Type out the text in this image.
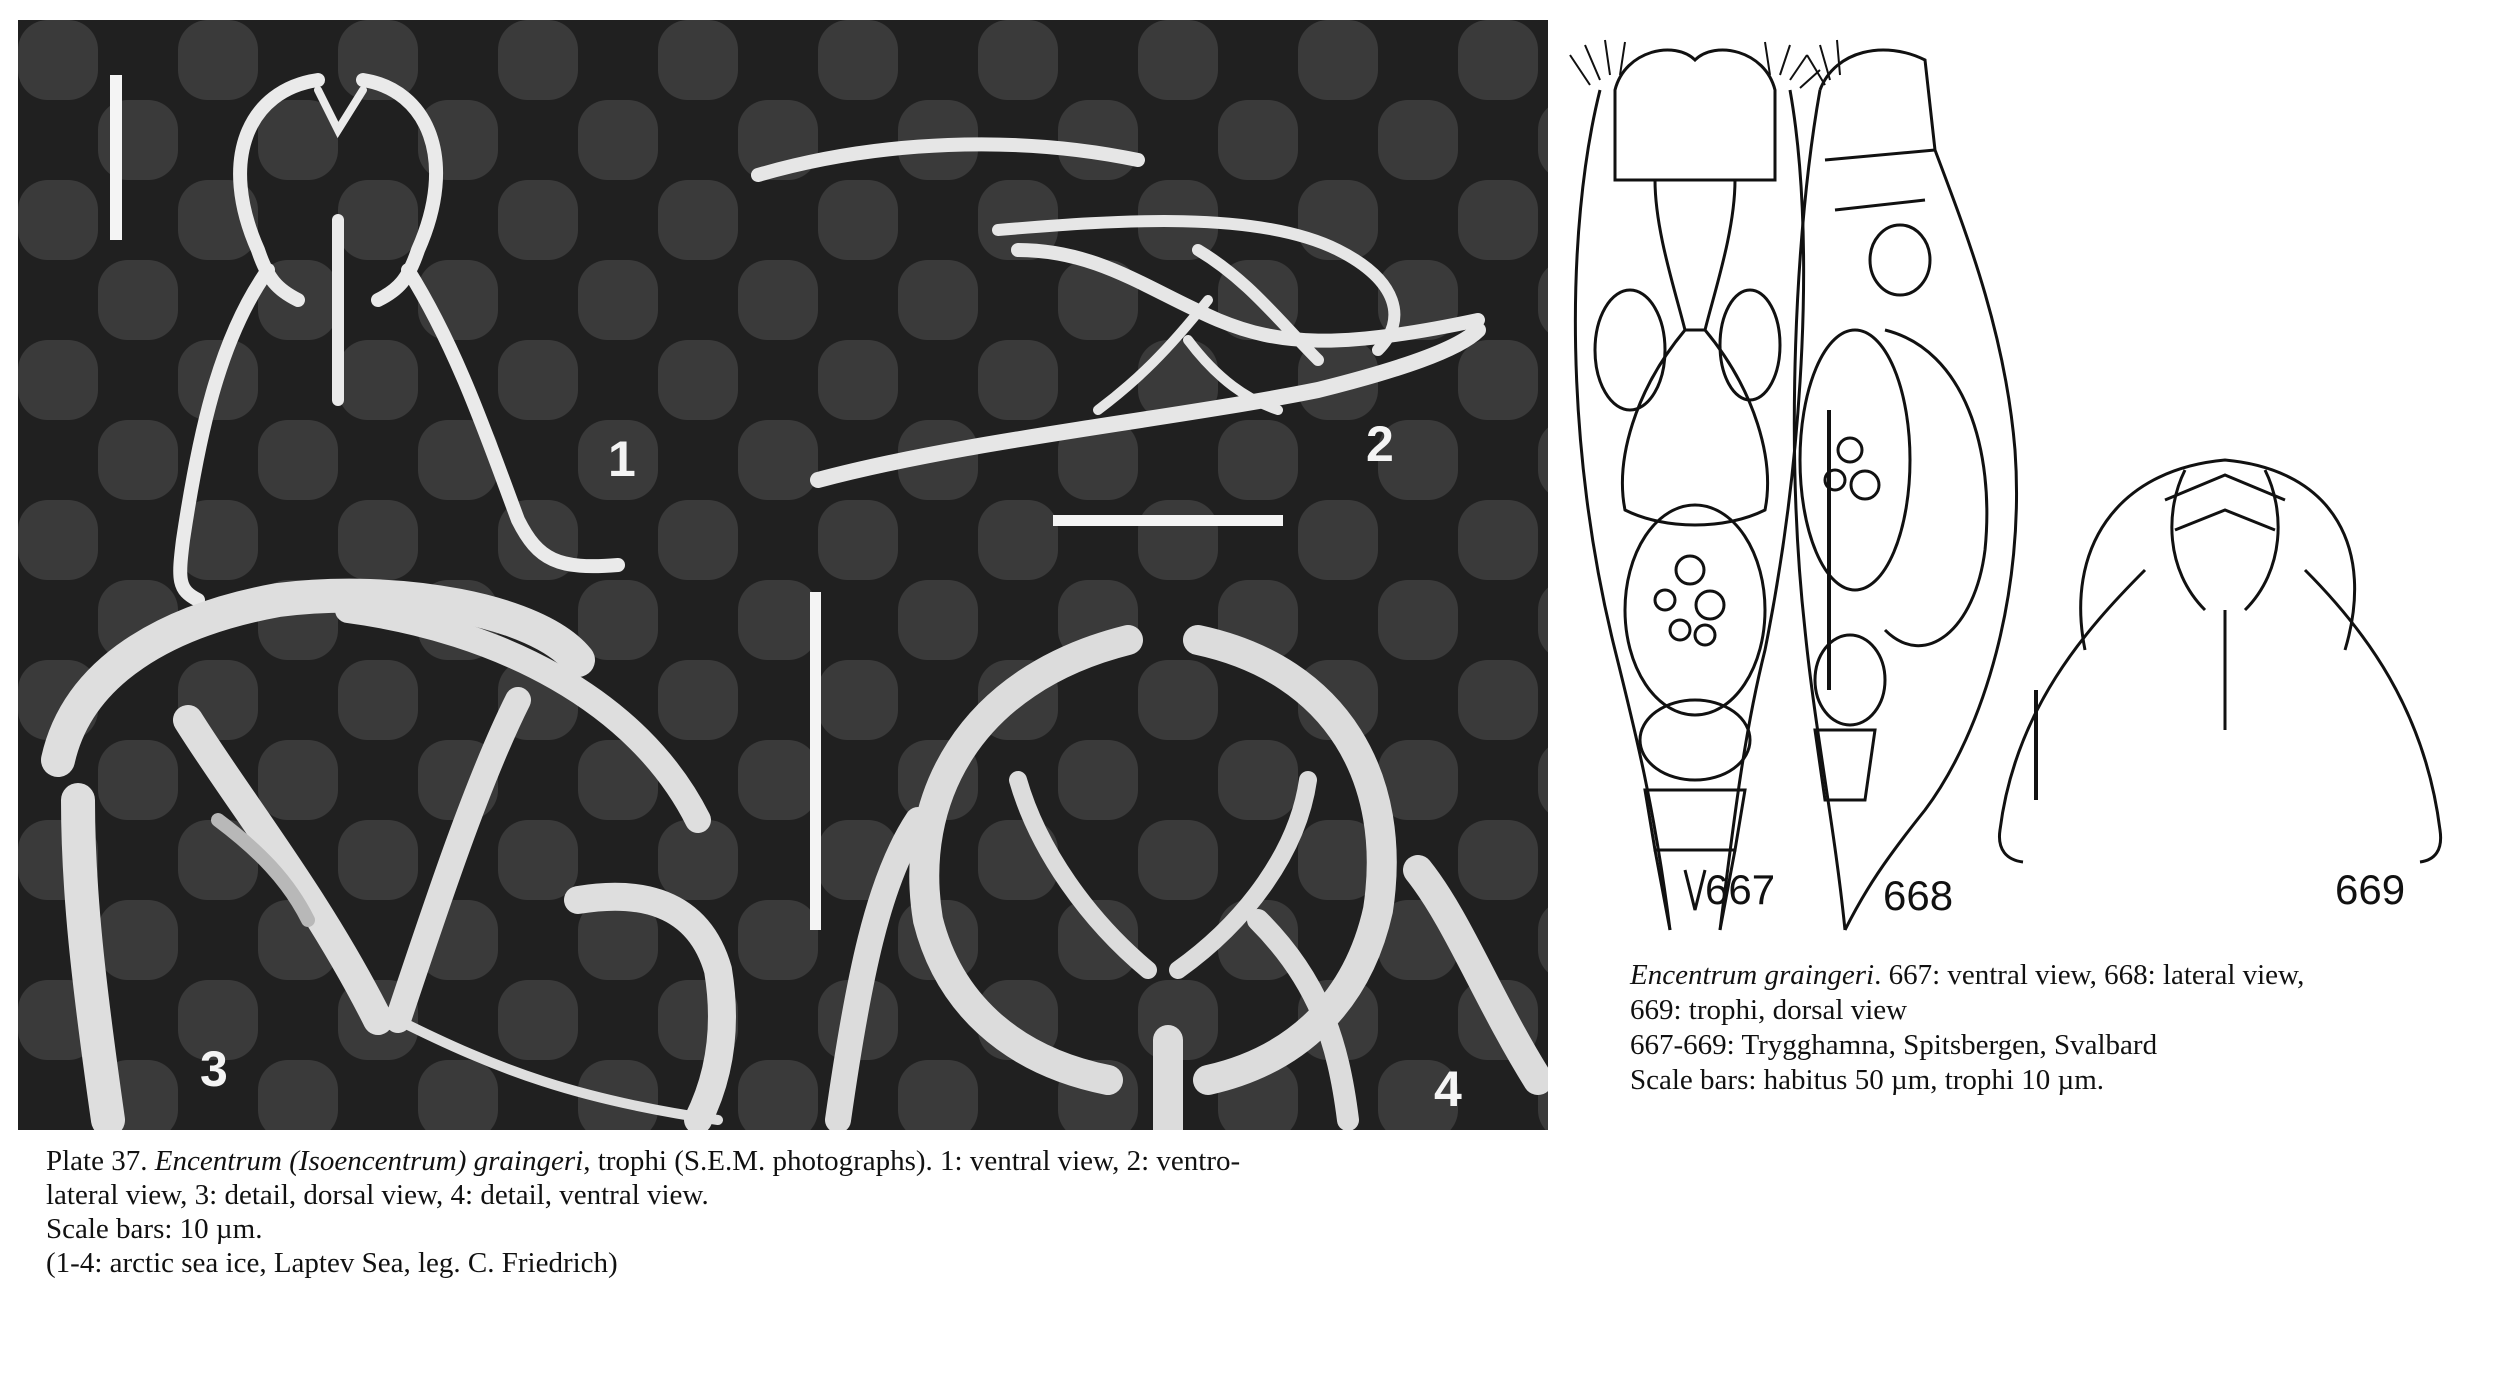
1	2
3	4

Plate 37. Encentrum (Isoencentrum) graingeri, trophi (S.E.M. photographs). 1: ventral view, 2: ventro-

lateral view, 3: detail, dorsal view, 4: detail, ventral view.

Scale bars: 10 µm.

(1-4: arctic sea ice, Laptev Sea, leg. C. Friedrich)

667	668	669

Encentrum graingeri. 667: ventral view, 668: lateral view,

669: trophi, dorsal view

667-669: Trygghamna, Spitsbergen, Svalbard

Scale bars: habitus 50 µm, trophi 10 µm.
